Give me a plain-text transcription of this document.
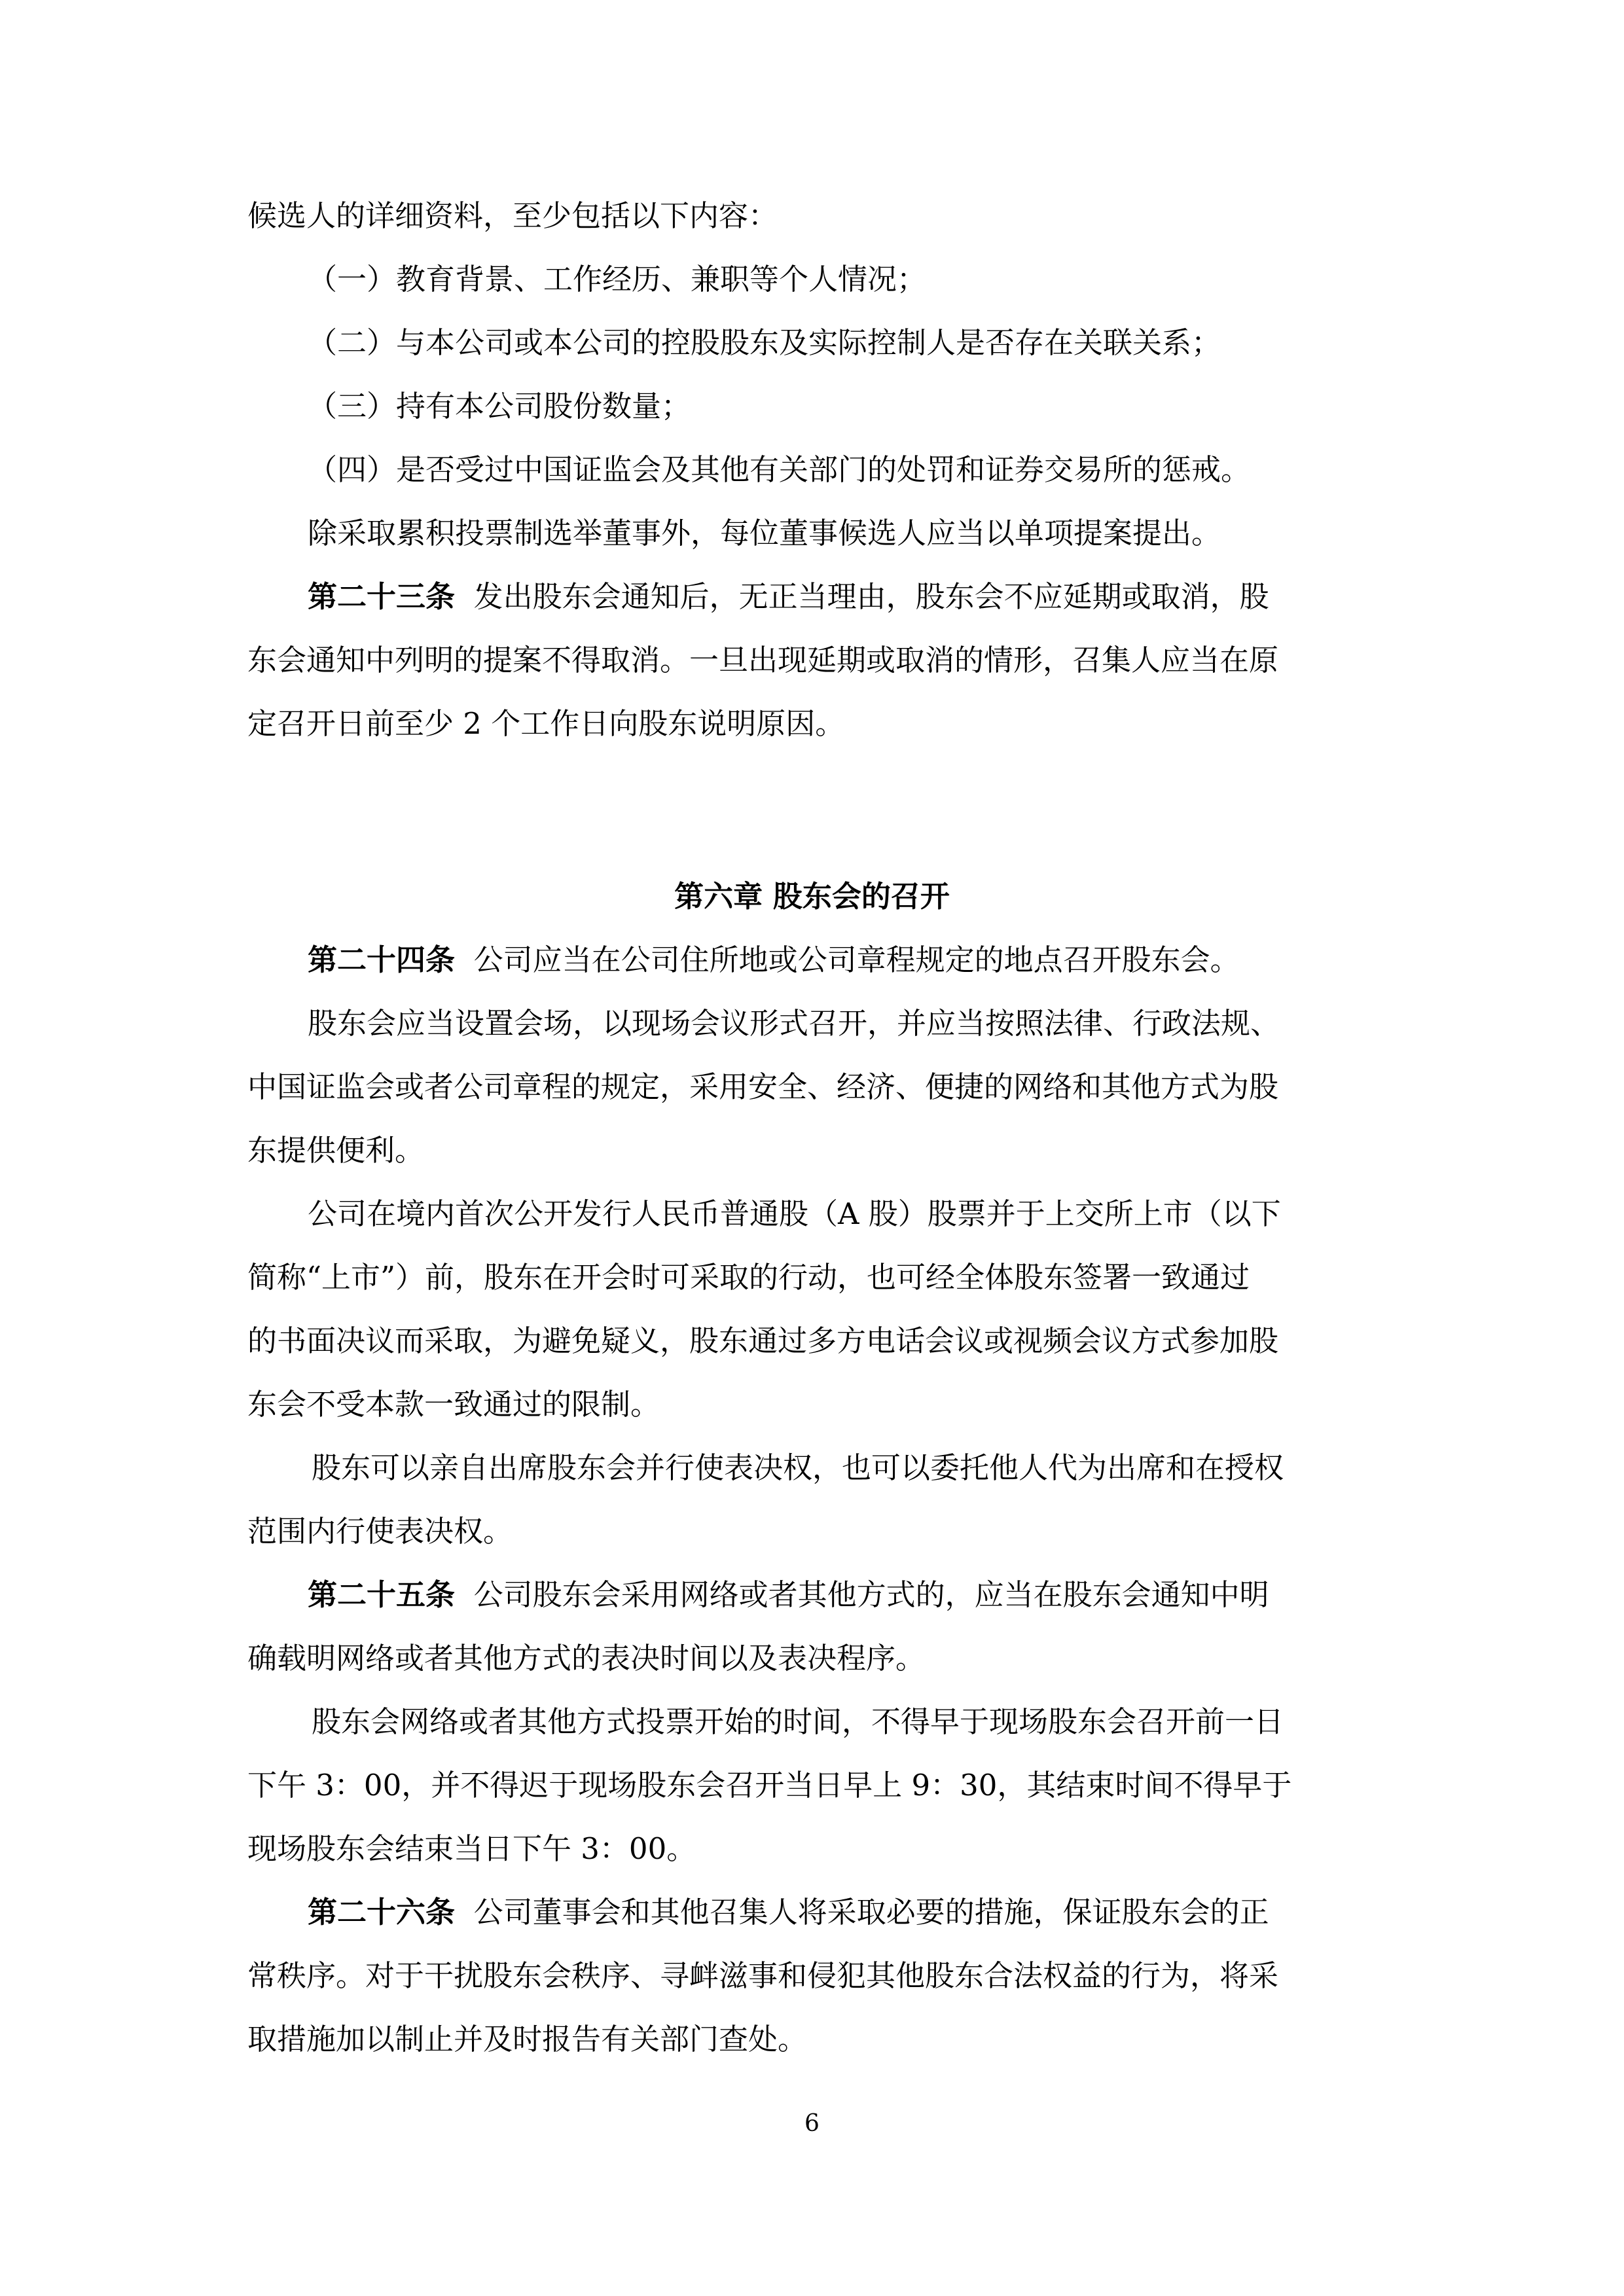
候选人的详细资料，至少包括以下内容：
（一）教育背景、工作经历、兼职等个人情况；
（二）与本公司或本公司的控股股东及实际控制人是否存在关联关系；
（三）持有本公司股份数量；
（四）是否受过中国证监会及其他有关部门的处罚和证券交易所的惩戒。
除采取累积投票制选举董事外，每位董事候选人应当以单项提案提出。
第二十三条 发出股东会通知后，无正当理由，股东会不应延期或取消，股
东会通知中列明的提案不得取消。一旦出现延期或取消的情形，召集人应当在原
定召开日前至少 2 个工作日向股东说明原因。
第六章 股东会的召开
第二十四条 公司应当在公司住所地或公司章程规定的地点召开股东会。
股东会应当设置会场，以现场会议形式召开，并应当按照法律、行政法规、
中国证监会或者公司章程的规定，采用安全、经济、便捷的网络和其他方式为股
东提供便利。
公司在境内首次公开发行人民币普通股（A 股）股票并于上交所上市（以下
简称“上市”）前，股东在开会时可采取的行动，也可经全体股东签署一致通过
的书面决议而采取，为避免疑义，股东通过多方电话会议或视频会议方式参加股
东会不受本款一致通过的限制。
股东可以亲自出席股东会并行使表决权，也可以委托他人代为出席和在授权
范围内行使表决权。
第二十五条 公司股东会采用网络或者其他方式的，应当在股东会通知中明
确载明网络或者其他方式的表决时间以及表决程序。
股东会网络或者其他方式投票开始的时间，不得早于现场股东会召开前一日
下午 3：00，并不得迟于现场股东会召开当日早上 9：30，其结束时间不得早于
现场股东会结束当日下午 3：00。
第二十六条 公司董事会和其他召集人将采取必要的措施，保证股东会的正
常秩序。对于干扰股东会秩序、寻衅滋事和侵犯其他股东合法权益的行为，将采
取措施加以制止并及时报告有关部门查处。
6
